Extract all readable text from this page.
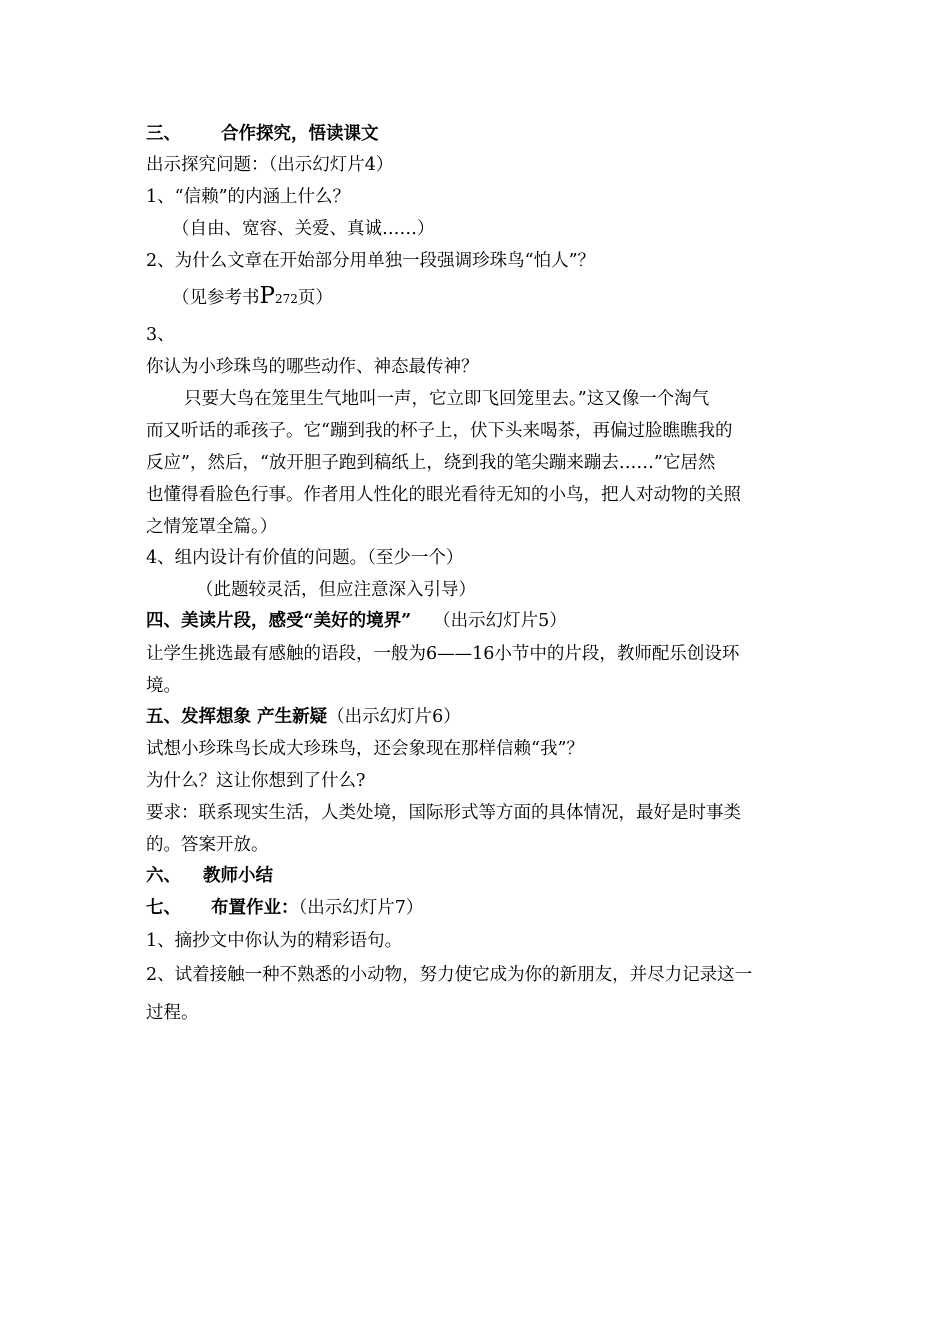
三、 合作探究，悟读课文
出示探究问题：（出示幻灯片4）
1、“信赖”的内涵上什么？
（自由、宽容、关爱、真诚……）
2、为什么文章在开始部分用单独一段强调珍珠鸟“怕人”？
（见参考书P272页）
3、
你认为小珍珠鸟的哪些动作、神态最传神？
只要大鸟在笼里生气地叫一声，它立即飞回笼里去。”这又像一个淘气
而又听话的乖孩子。它“蹦到我的杯子上，伏下头来喝茶，再偏过脸瞧瞧我的
反应”，然后，“放开胆子跑到稿纸上，绕到我的笔尖蹦来蹦去……”它居然
也懂得看脸色行事。作者用人性化的眼光看待无知的小鸟，把人对动物的关照
之情笼罩全篇。）
4、组内设计有价值的问题。（至少一个）
（此题较灵活，但应注意深入引导）
四、美读片段，感受“美好的境界” （出示幻灯片5）
让学生挑选最有感触的语段，一般为6——16小节中的片段，教师配乐创设环
境。
五、发挥想象 产生新疑（出示幻灯片6）
试想小珍珠鸟长成大珍珠鸟，还会象现在那样信赖“我”？
为什么？这让你想到了什么?
要求：联系现实生活，人类处境，国际形式等方面的具体情况，最好是时事类
的。答案开放。
六、 教师小结
七、 布置作业：（出示幻灯片7）
1、摘抄文中你认为的精彩语句。
2、试着接触一种不熟悉的小动物，努力使它成为你的新朋友，并尽力记录这一
过程。
